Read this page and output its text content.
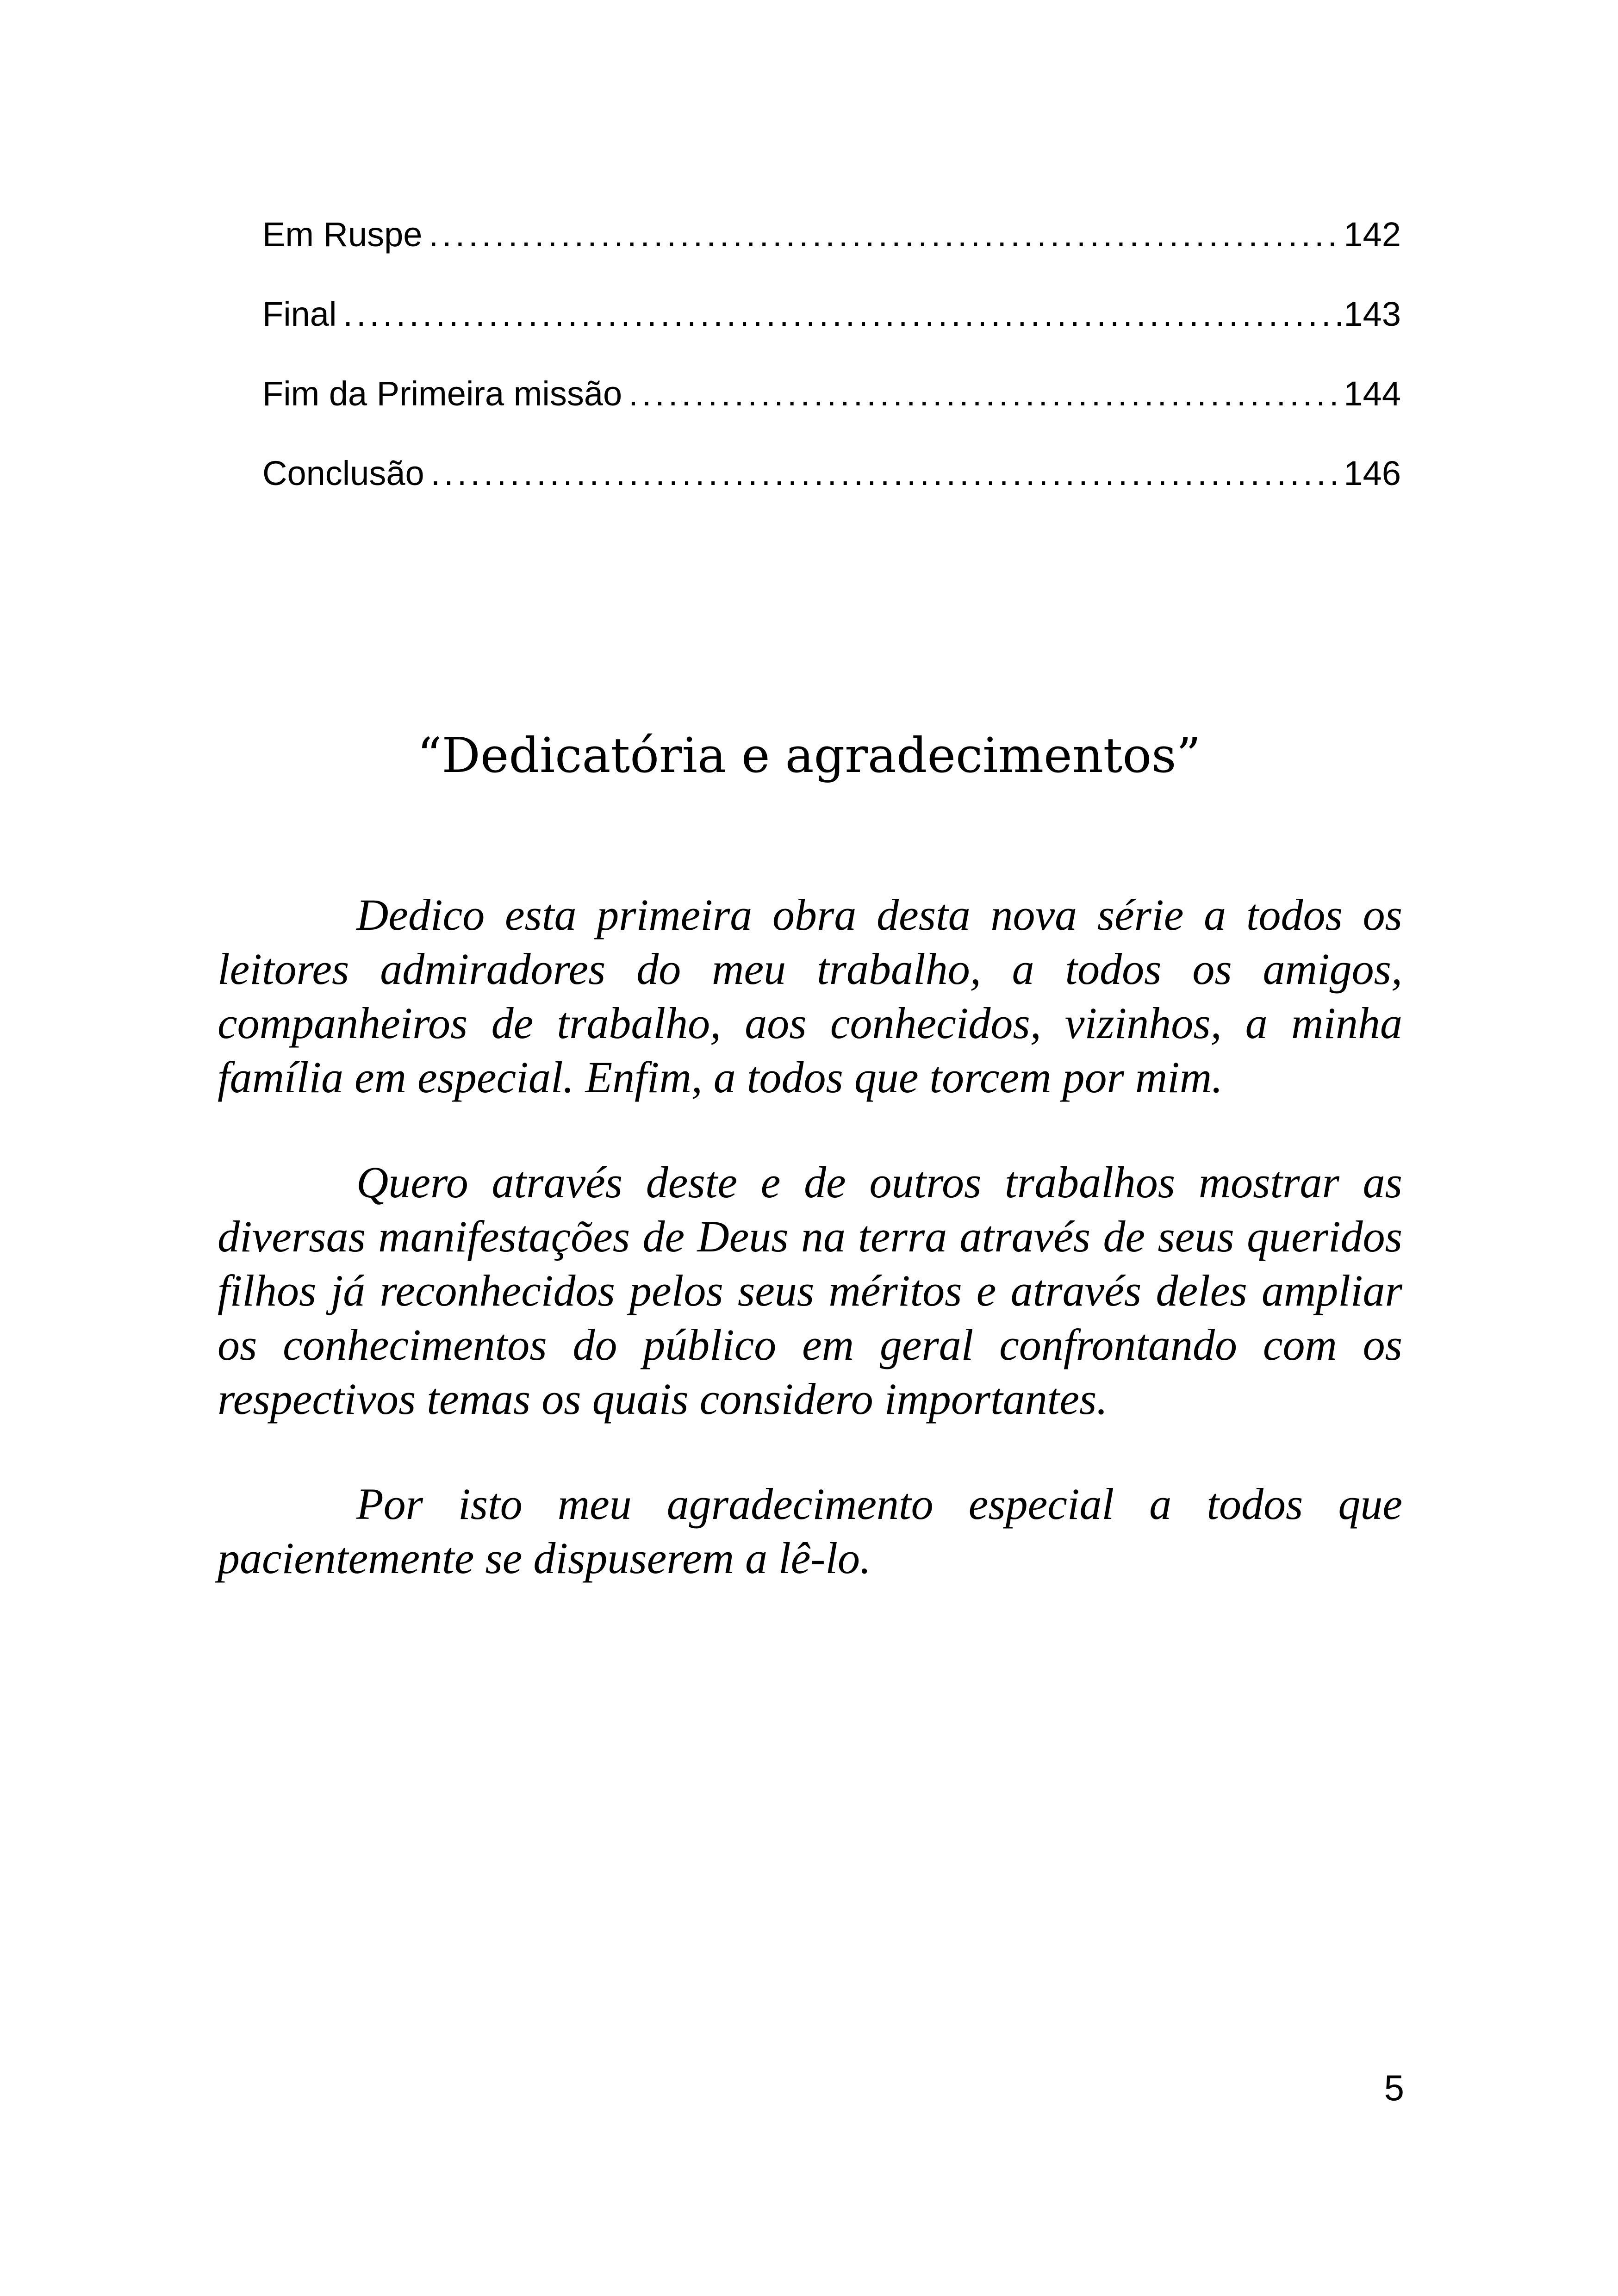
Em Ruspe .....	142
Final .....	143
Fim da Primeira missão .....	144
Conclusão .....	146
“Dedicatória e agradecimentos”

Dedico esta primeira obra desta nova série a todos os leitores admiradores do meu trabalho, a todos os amigos, companheiros de trabalho, aos conhecidos, vizinhos, a minha família em especial. Enfim, a todos que torcem por mim.

Quero através deste e de outros trabalhos mostrar as diversas manifestações de Deus na terra através de seus queridos filhos já reconhecidos pelos seus méritos e através deles ampliar os conhecimentos do público em geral confrontando com os respectivos temas os quais considero importantes.

Por isto meu agradecimento especial a todos que pacientemente se dispuserem a lê-lo.

5
